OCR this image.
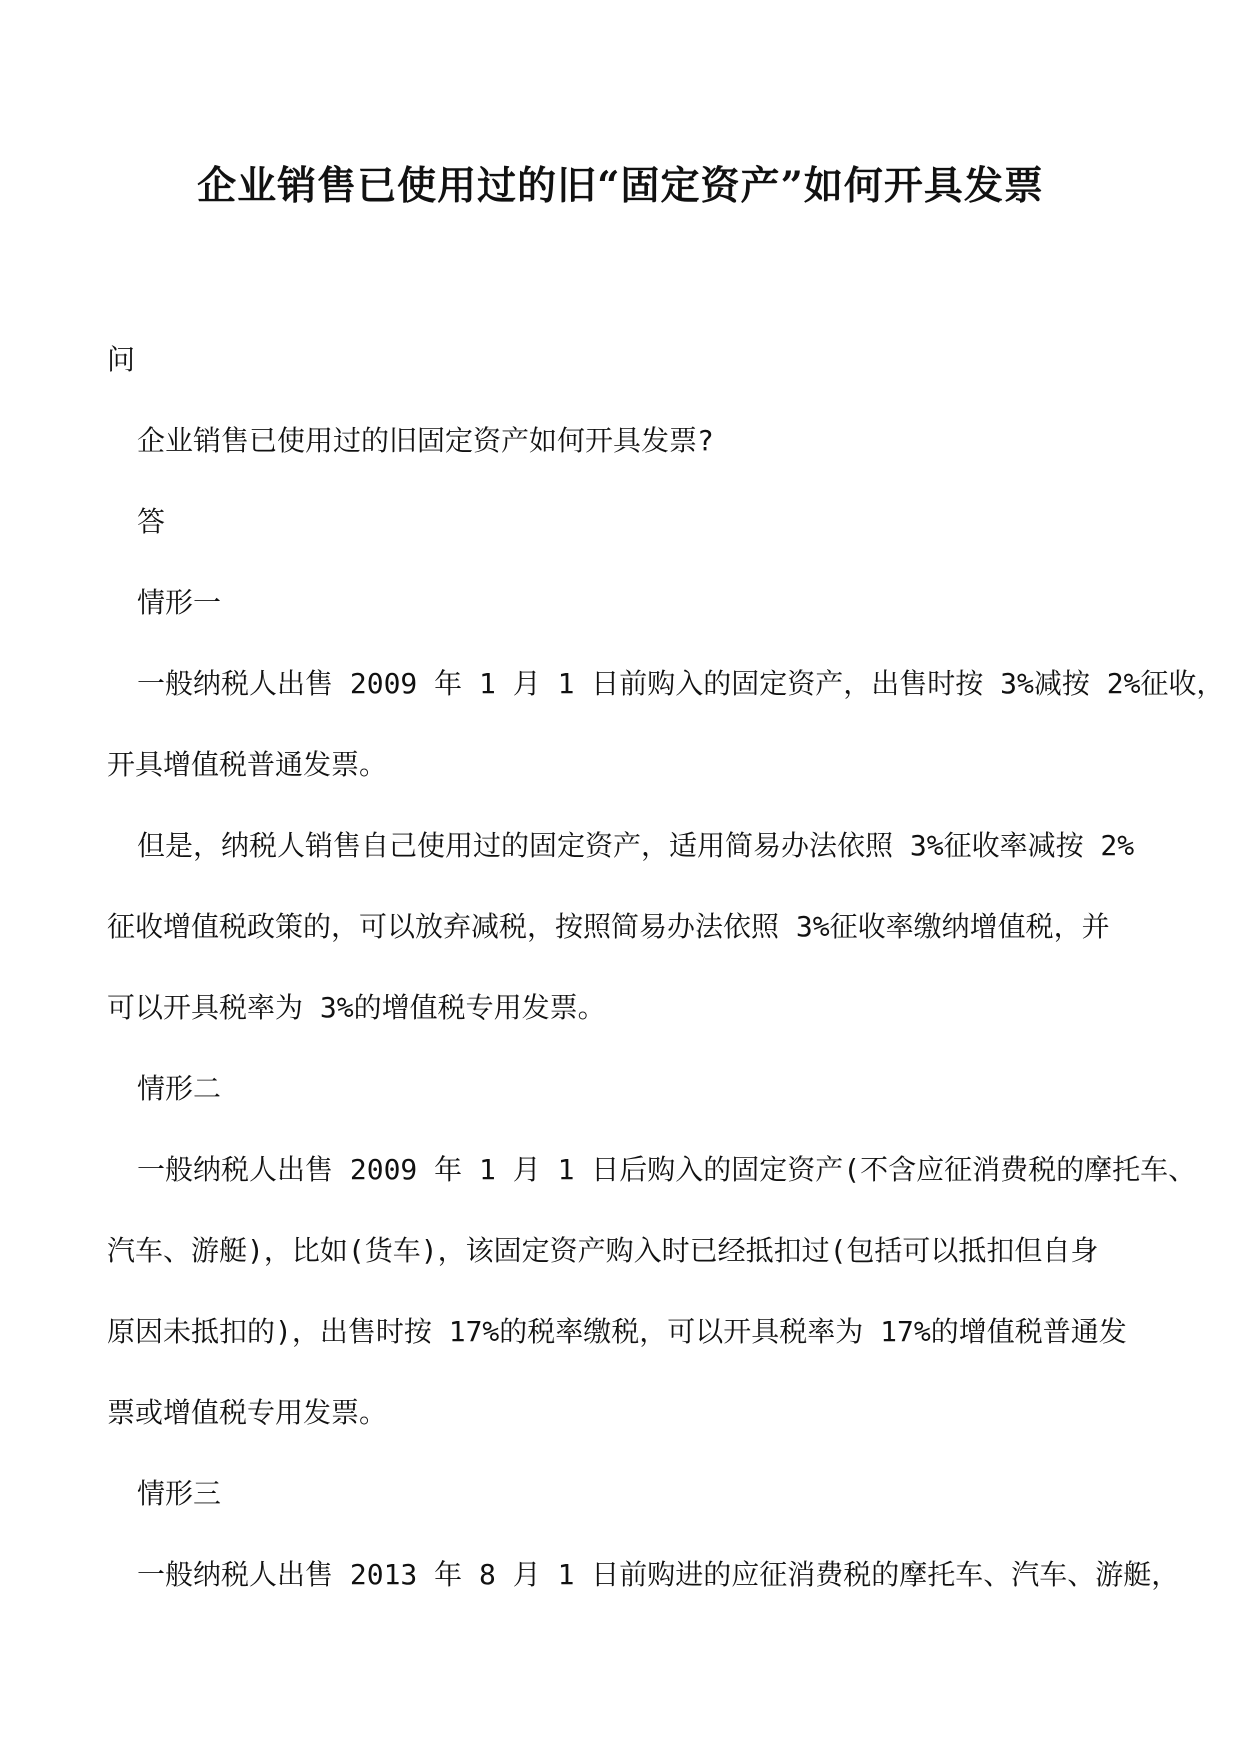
企业销售已使用过的旧“固定资产”如何开具发票
问
企业销售已使用过的旧固定资产如何开具发票?
答
情形一
一般纳税人出售 2009 年 1 月 1 日前购入的固定资产，出售时按 3%减按 2%征收，
开具增值税普通发票。
但是，纳税人销售自己使用过的固定资产，适用简易办法依照 3%征收率减按 2%
征收增值税政策的，可以放弃减税，按照简易办法依照 3%征收率缴纳增值税，并
可以开具税率为 3%的增值税专用发票。
情形二
一般纳税人出售 2009 年 1 月 1 日后购入的固定资产(不含应征消费税的摩托车、
汽车、游艇)，比如(货车)，该固定资产购入时已经抵扣过(包括可以抵扣但自身
原因未抵扣的)，出售时按 17%的税率缴税，可以开具税率为 17%的增值税普通发
票或增值税专用发票。
情形三
一般纳税人出售 2013 年 8 月 1 日前购进的应征消费税的摩托车、汽车、游艇，
